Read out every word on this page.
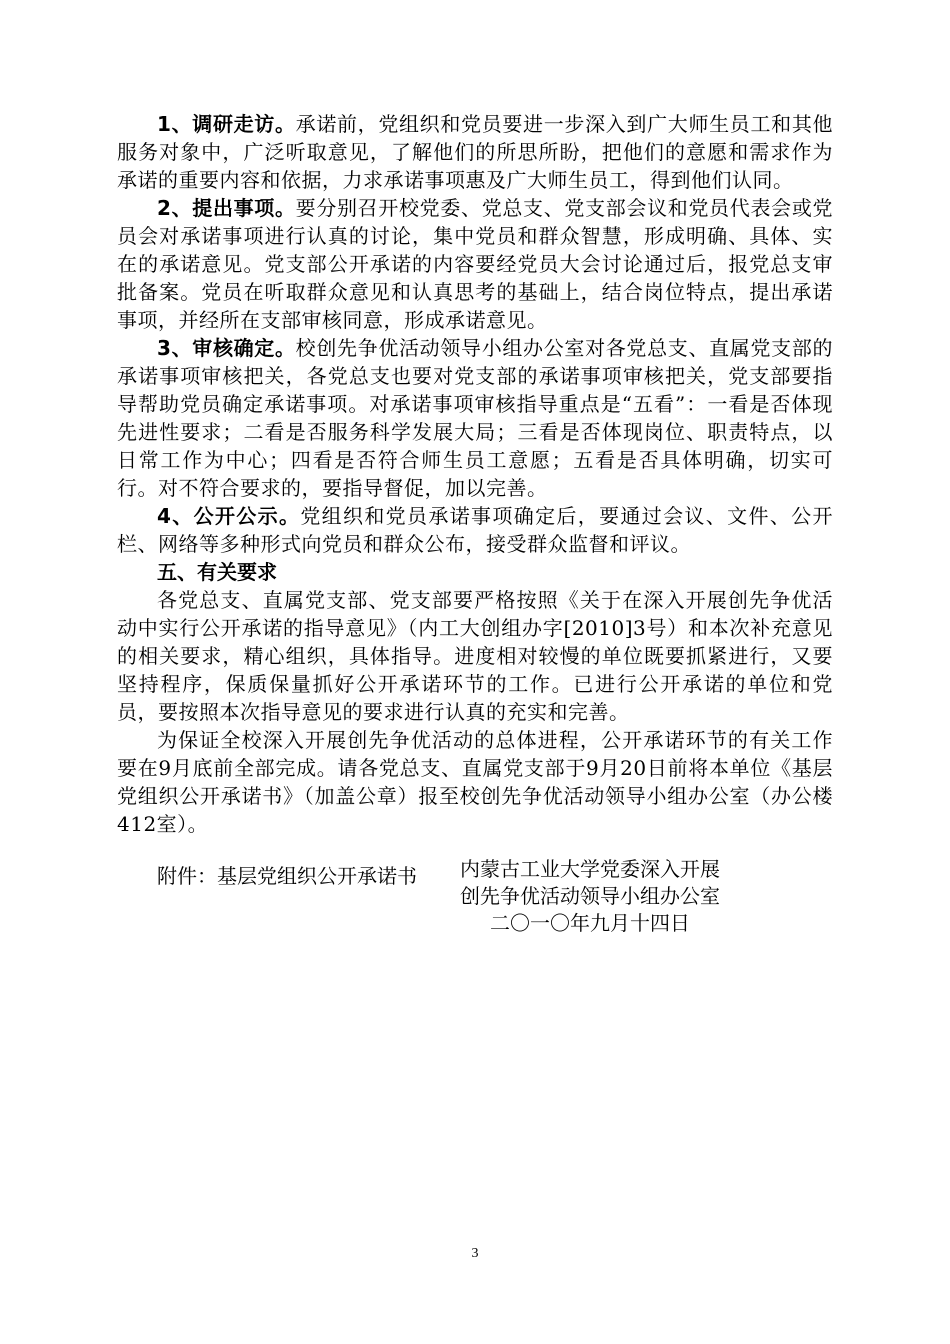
1、调研走访。承诺前，党组织和党员要进一步深入到广大师生员工和其他服务对象中，广泛听取意见，了解他们的所思所盼，把他们的意愿和需求作为承诺的重要内容和依据，力求承诺事项惠及广大师生员工，得到他们认同。

2、提出事项。要分别召开校党委、党总支、党支部会议和党员代表会或党员会对承诺事项进行认真的讨论，集中党员和群众智慧，形成明确、具体、实在的承诺意见。党支部公开承诺的内容要经党员大会讨论通过后，报党总支审批备案。党员在听取群众意见和认真思考的基础上，结合岗位特点，提出承诺事项，并经所在支部审核同意，形成承诺意见。

3、审核确定。校创先争优活动领导小组办公室对各党总支、直属党支部的承诺事项审核把关，各党总支也要对党支部的承诺事项审核把关，党支部要指导帮助党员确定承诺事项。对承诺事项审核指导重点是“五看”：一看是否体现先进性要求；二看是否服务科学发展大局；三看是否体现岗位、职责特点，以日常工作为中心；四看是否符合师生员工意愿；五看是否具体明确，切实可行。对不符合要求的，要指导督促，加以完善。

4、公开公示。党组织和党员承诺事项确定后，要通过会议、文件、公开栏、网络等多种形式向党员和群众公布，接受群众监督和评议。

五、有关要求

各党总支、直属党支部、党支部要严格按照《关于在深入开展创先争优活动中实行公开承诺的指导意见》（内工大创组办字[2010]3号）和本次补充意见的相关要求，精心组织，具体指导。进度相对较慢的单位既要抓紧进行，又要坚持程序，保质保量抓好公开承诺环节的工作。已进行公开承诺的单位和党员，要按照本次指导意见的要求进行认真的充实和完善。

为保证全校深入开展创先争优活动的总体进程，公开承诺环节的有关工作要在9月底前全部完成。请各党总支、直属党支部于9月20日前将本单位《基层党组织公开承诺书》（加盖公章）报至校创先争优活动领导小组办公室（办公楼412室）。

附件：基层党组织公开承诺书	内蒙古工业大学党委深入开展
创先争优活动领导小组办公室
二〇一〇年九月十四日
3
